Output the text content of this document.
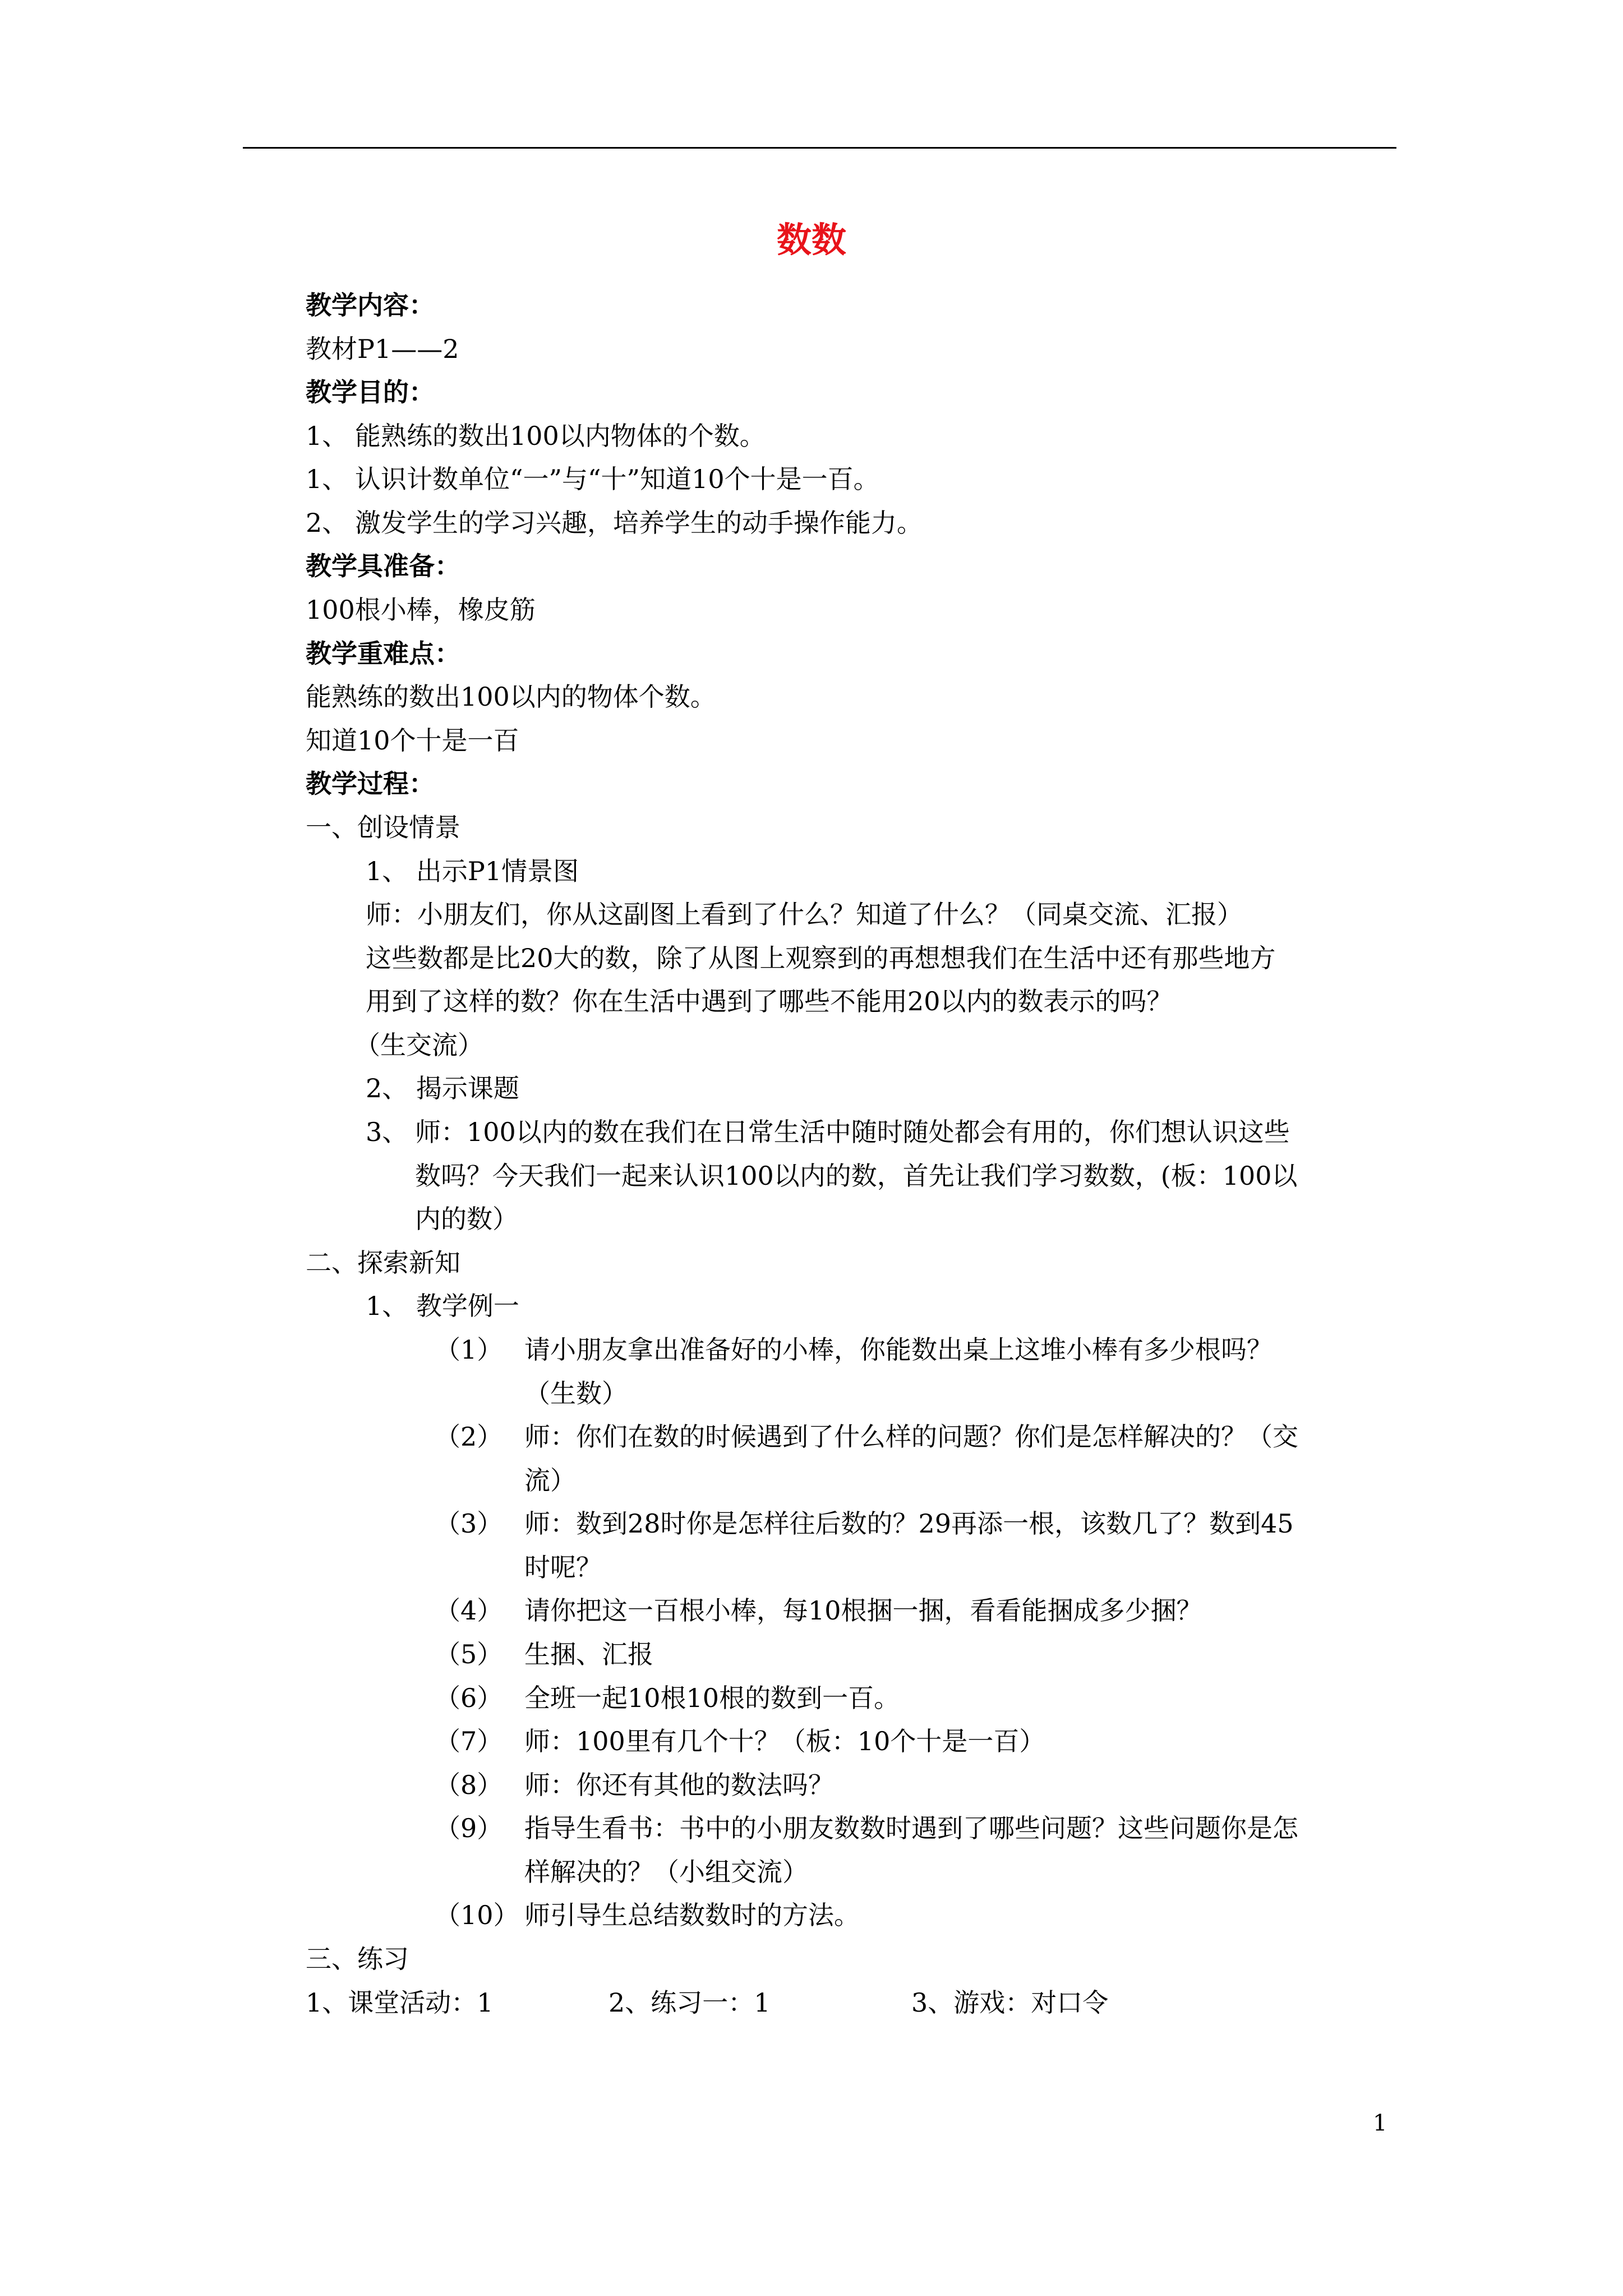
数数
教学内容：
教材P1——2
教学目的：
1、 能熟练的数出100以内物体的个数。
1、 认识计数单位“一”与“十”知道10个十是一百。
2、 激发学生的学习兴趣，培养学生的动手操作能力。
教学具准备：
100根小棒，橡皮筋
教学重难点：
能熟练的数出100以内的物体个数。
知道10个十是一百
教学过程：
一、创设情景
1、 出示P1情景图
师：小朋友们，你从这副图上看到了什么？知道了什么？（同桌交流、汇报）
这些数都是比20大的数，除了从图上观察到的再想想我们在生活中还有那些地方
用到了这样的数？你在生活中遇到了哪些不能用20以内的数表示的吗？
（生交流）
2、 揭示课题
3、 师：100以内的数在我们在日常生活中随时随处都会有用的，你们想认识这些
数吗？今天我们一起来认识100以内的数，首先让我们学习数数，(板：100以
内的数）
二、探索新知
1、 教学例一
（1） 请小朋友拿出准备好的小棒，你能数出桌上这堆小棒有多少根吗？
（生数）
（2） 师：你们在数的时候遇到了什么样的问题？你们是怎样解决的？（交
流）
（3） 师：数到28时你是怎样往后数的？29再添一根，该数几了？数到45
时呢？
（4） 请你把这一百根小棒，每10根捆一捆，看看能捆成多少捆？
（5） 生捆、汇报
（6） 全班一起10根10根的数到一百。
（7） 师：100里有几个十？（板：10个十是一百）
（8） 师：你还有其他的数法吗？
（9） 指导生看书：书中的小朋友数数时遇到了哪些问题？这些问题你是怎
样解决的？（小组交流）
（10） 师引导生总结数数时的方法。
三、练习
1、课堂活动：1	2、练习一：1	3、游戏：对口令
1
